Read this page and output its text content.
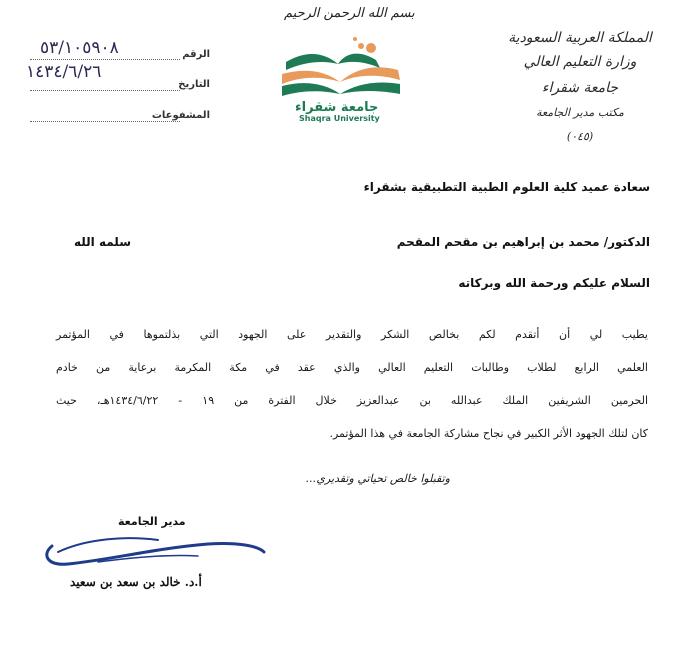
٥٣/١٠٥٩٠٨	الرقم
١٤٣٤/٦/٢٦
التاريخ
المشفوعات
بسم الله الرحمن الرحيم
جامعة شقراء
Shaqra University
المملكة العربية السعودية
وزارة التعليم العالي
جامعة شقراء
مكتب مدير الجامعة
(٠٤٥)
سعادة عميد كلية العلوم الطبية التطبيقية بشقراء
الدكتور/ محمد بن إبراهيم بن مقحم المقحم
سلمه الله
السلام عليكم ورحمة الله وبركاته
يطيب لي أن أتقدم لكم بخالص الشكر والتقدير على الجهود التي بذلتموها في المؤتمر
العلمي الرابع لطلاب وطالبات التعليم العالي والذي عقد في مكة المكرمة برعاية من خادم
الحرمين الشريفين الملك عبدالله بن عبدالعزيز خلال الفترة من ١٩ - ١٤٣٤/٦/٢٢هـ، حيث
كان لتلك الجهود الأثر الكبير في نجاح مشاركة الجامعة في هذا المؤتمر.
وتقبلوا خالص تحياتي وتقديري...
مدير الجامعة
أ.د. خالد بن سعد بن سعيد
